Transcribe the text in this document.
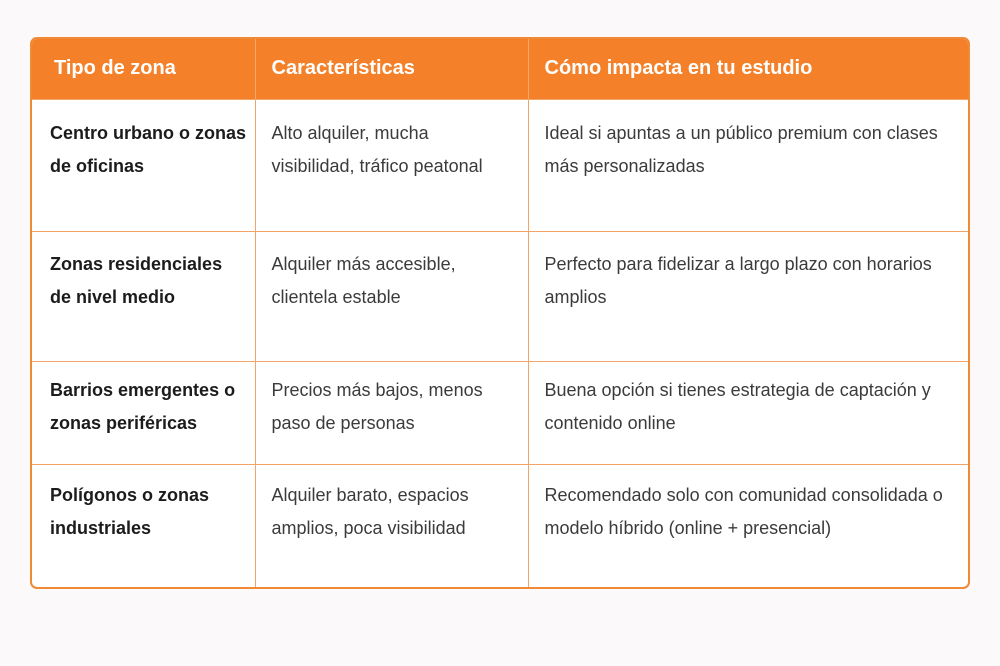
Tipo de zona	Características	Cómo impacta en tu estudio
Centro urbano o zonas de oficinas	Alto alquiler, mucha visibilidad, tráfico peatonal	Ideal si apuntas a un público premium con clases más personalizadas
Zonas residenciales de nivel medio	Alquiler más accesible, clientela estable	Perfecto para fidelizar a largo plazo con horarios amplios
Barrios emergentes o zonas periféricas	Precios más bajos, menos paso de personas	Buena opción si tienes estrategia de captación y contenido online
Polígonos o zonas industriales	Alquiler barato, espacios amplios, poca visibilidad	Recomendado solo con comunidad consolidada o modelo híbrido (online + presencial)
